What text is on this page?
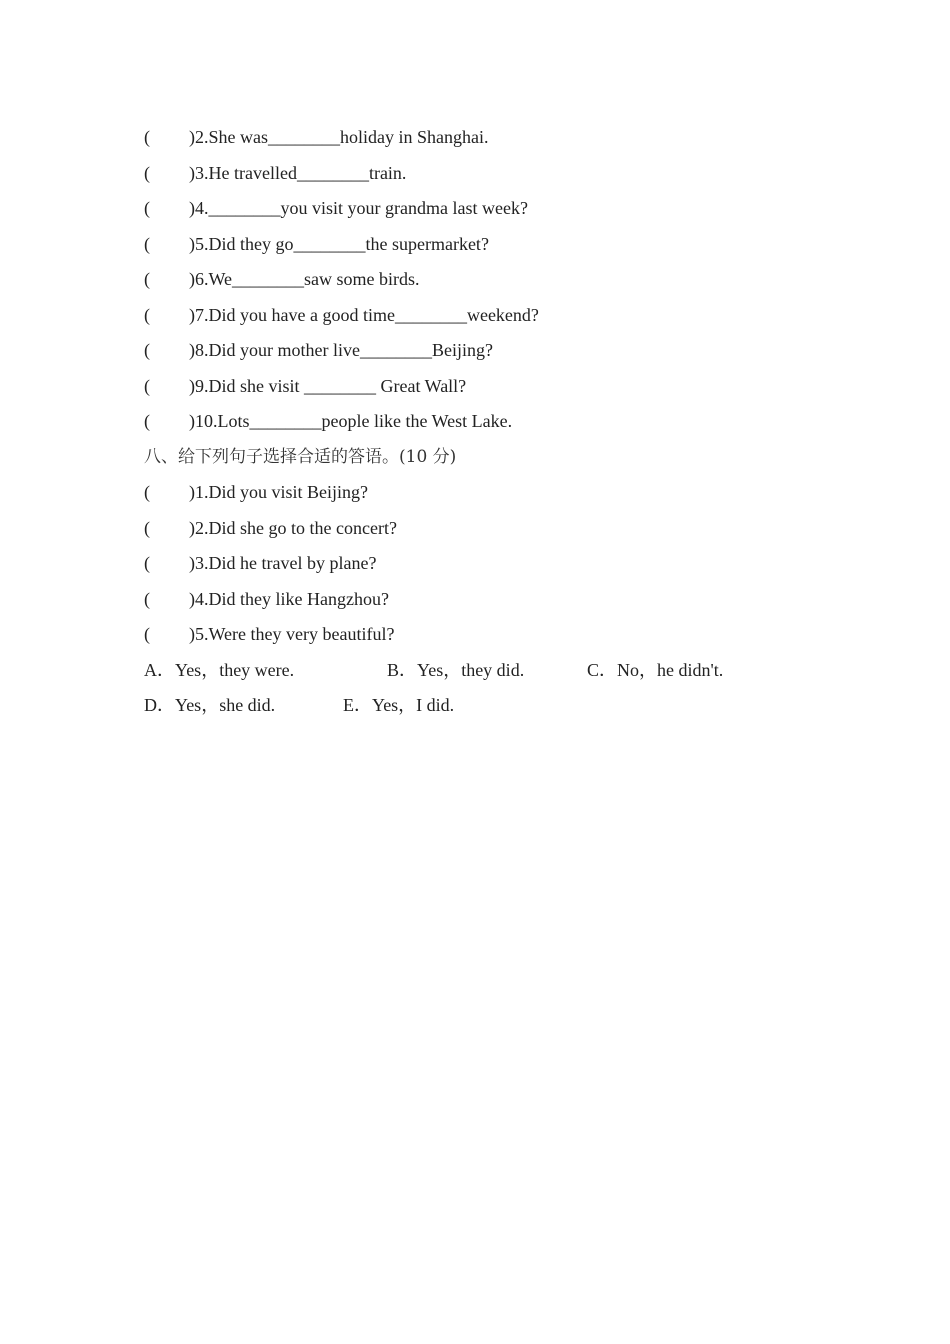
( )2.She was________holiday in Shanghai.
( )3.He travelled________train.
( )4.________you visit your grandma last week?
( )5.Did they go________the supermarket?
( )6.We________saw some birds.
( )7.Did you have a good time________weekend?
( )8.Did your mother live________Beijing?
( )9.Did she visit ________ Great Wall?
( )10.Lots________people like the West Lake.
八、给下列句子选择合适的答语。(10 分)
( )1.Did you visit Beijing?
( )2.Did she go to the concert?
( )3.Did he travel by plane?
( )4.Did they like Hangzhou?
( )5.Were they very beautiful?

A．Yes，they were.

	B．Yes，they did.

	C．No，he didn't.

D．Yes，she did.

	E．Yes，I did.
